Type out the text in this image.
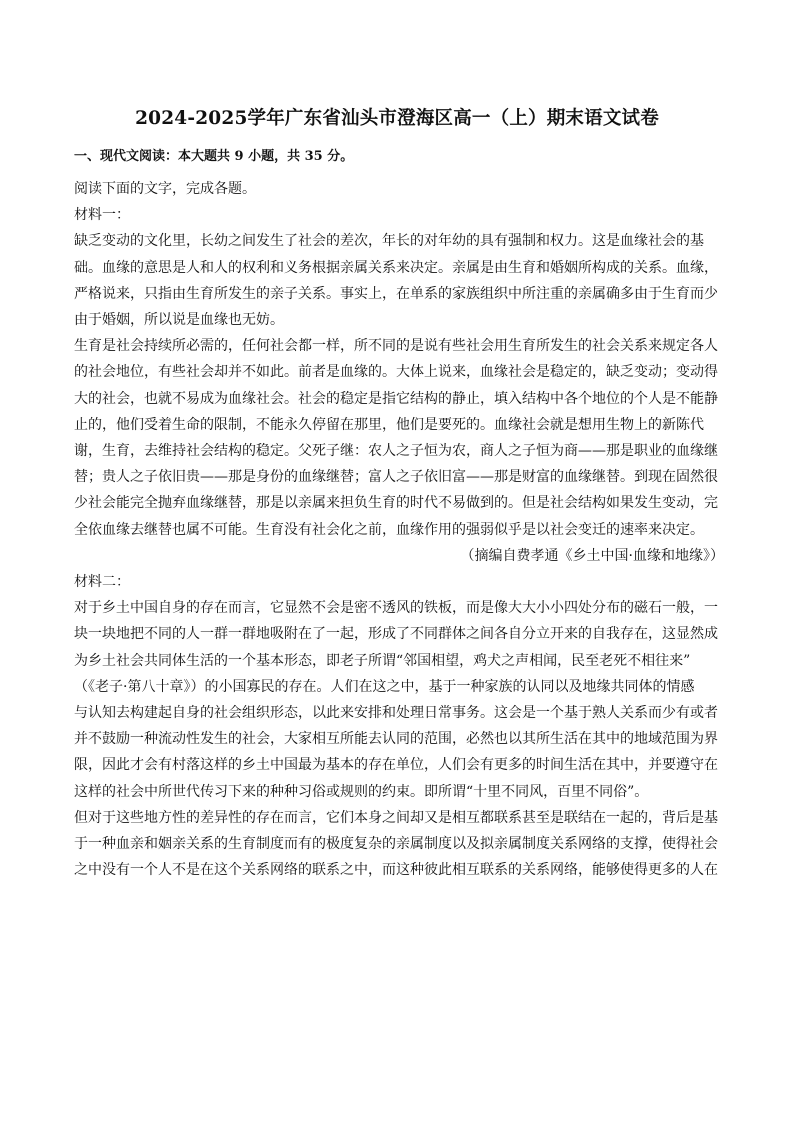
2024-2025学年广东省汕头市澄海区高一（上）期末语文试卷
一、现代文阅读：本大题共 9 小题，共 35 分。

阅读下面的文字，完成各题。

材料一：

缺乏变动的文化里，长幼之间发生了社会的差次，年长的对年幼的具有强制和权力。这是血缘社会的基

础。血缘的意思是人和人的权利和义务根据亲属关系来决定。亲属是由生育和婚姻所构成的关系。血缘，

严格说来，只指由生育所发生的亲子关系。事实上，在单系的家族组织中所注重的亲属确多由于生育而少

由于婚姻，所以说是血缘也无妨。

生育是社会持续所必需的，任何社会都一样，所不同的是说有些社会用生育所发生的社会关系来规定各人

的社会地位，有些社会却并不如此。前者是血缘的。大体上说来，血缘社会是稳定的，缺乏变动；变动得

大的社会，也就不易成为血缘社会。社会的稳定是指它结构的静止，填入结构中各个地位的个人是不能静

止的，他们受着生命的限制，不能永久停留在那里，他们是要死的。血缘社会就是想用生物上的新陈代

谢，生育，去维持社会结构的稳定。父死子继：农人之子恒为农，商人之子恒为商——那是职业的血缘继

替；贵人之子依旧贵——那是身份的血缘继替；富人之子依旧富——那是财富的血缘继替。到现在固然很

少社会能完全抛弃血缘继替，那是以亲属来担负生育的时代不易做到的。但是社会结构如果发生变动，完

全依血缘去继替也属不可能。生育没有社会化之前，血缘作用的强弱似乎是以社会变迁的速率来决定。

（摘编自费孝通《乡土中国·血缘和地缘》）

材料二：

对于乡土中国自身的存在而言，它显然不会是密不透风的铁板，而是像大大小小四处分布的磁石一般，一

块一块地把不同的人一群一群地吸附在了一起，形成了不同群体之间各自分立开来的自我存在，这显然成

为乡土社会共同体生活的一个基本形态，即老子所谓“邻国相望，鸡犬之声相闻，民至老死不相往来”

（《老子·第八十章》）的小国寡民的存在。人们在这之中，基于一种家族的认同以及地缘共同体的情感

与认知去构建起自身的社会组织形态，以此来安排和处理日常事务。这会是一个基于熟人关系而少有或者

并不鼓励一种流动性发生的社会，大家相互所能去认同的范围，必然也以其所生活在其中的地域范围为界

限，因此才会有村落这样的乡土中国最为基本的存在单位，人们会有更多的时间生活在其中，并要遵守在

这样的社会中所世代传习下来的种种习俗或规则的约束。即所谓“十里不同风，百里不同俗”。

但对于这些地方性的差异性的存在而言，它们本身之间却又是相互都联系甚至是联结在一起的，背后是基

于一种血亲和姻亲关系的生育制度而有的极度复杂的亲属制度以及拟亲属制度关系网络的支撑，使得社会

之中没有一个人不是在这个关系网络的联系之中，而这种彼此相互联系的关系网络，能够使得更多的人在
